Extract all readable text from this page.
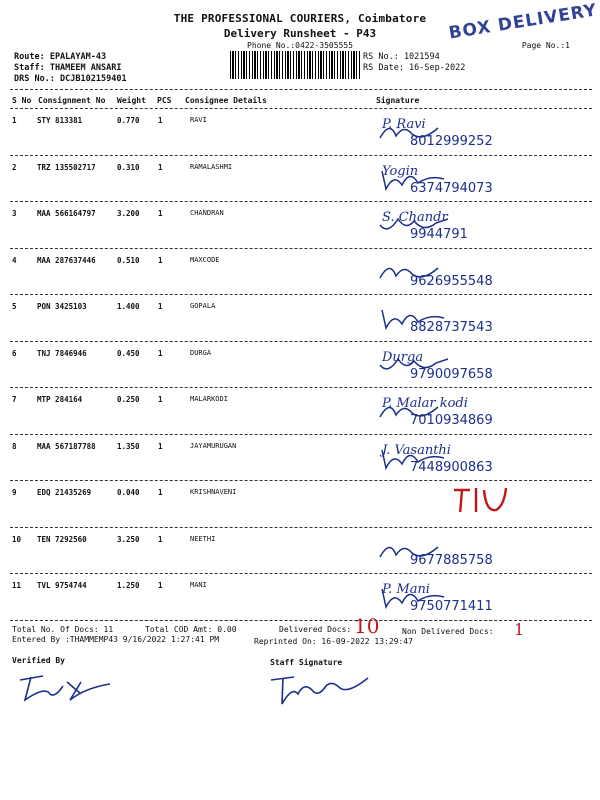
THE PROFESSIONAL COURIERS, Coimbatore
Delivery Runsheet - P43
Phone No.:0422-3505555	Page No.:1
BOX DELIVERY
Route: EPALAYAM-43
Staff: THAMEEM ANSARI
DRS No.: DCJB102159401
RS No.: 1021594
RS Date: 16-Sep-2022
S No Consignment No Weight PCS Consignee Details	Signature
1	STY 813381	0.770 1	RAVI	P. Ravi
8012999252
2	TRZ 135502717	0.310 1	RAMALASHMI	Yogin
6374794073
3	MAA 566164797	3.200 1	CHANDRAN	S. Chandr
9944791
4	MAA 287637446	0.510 1	MAXCODE
9626955548
5	PON 3425103	1.400 1	GOPALA
8828737543
6	TNJ 7846946	0.450 1	DURGA	Durga
9790097658
7	MTP 284164	0.250 1	MALARKODI	P. Malar kodi
7010934869
8	MAA 567187788	1.350 1	JAYAMURUGAN	J. Vasanthi
7448900863
9	EDQ 21435269	0.040 1	KRISHNAVENI
10 TEN 7292560	3.250 1	NEETHI
9677885758
11 TVL 9754744	1.250 1	MANI	P. Mani
9750771411
Total No. Of Docs: 11	Total COD Amt: 0.00	Delivered Docs: 10	Non Delivered Docs: 1
Entered By :THAMMEMP43 9/16/2022 1:27:41 PM	Reprinted On: 16-09-2022 13:29:47
Verified By	Staff Signature
